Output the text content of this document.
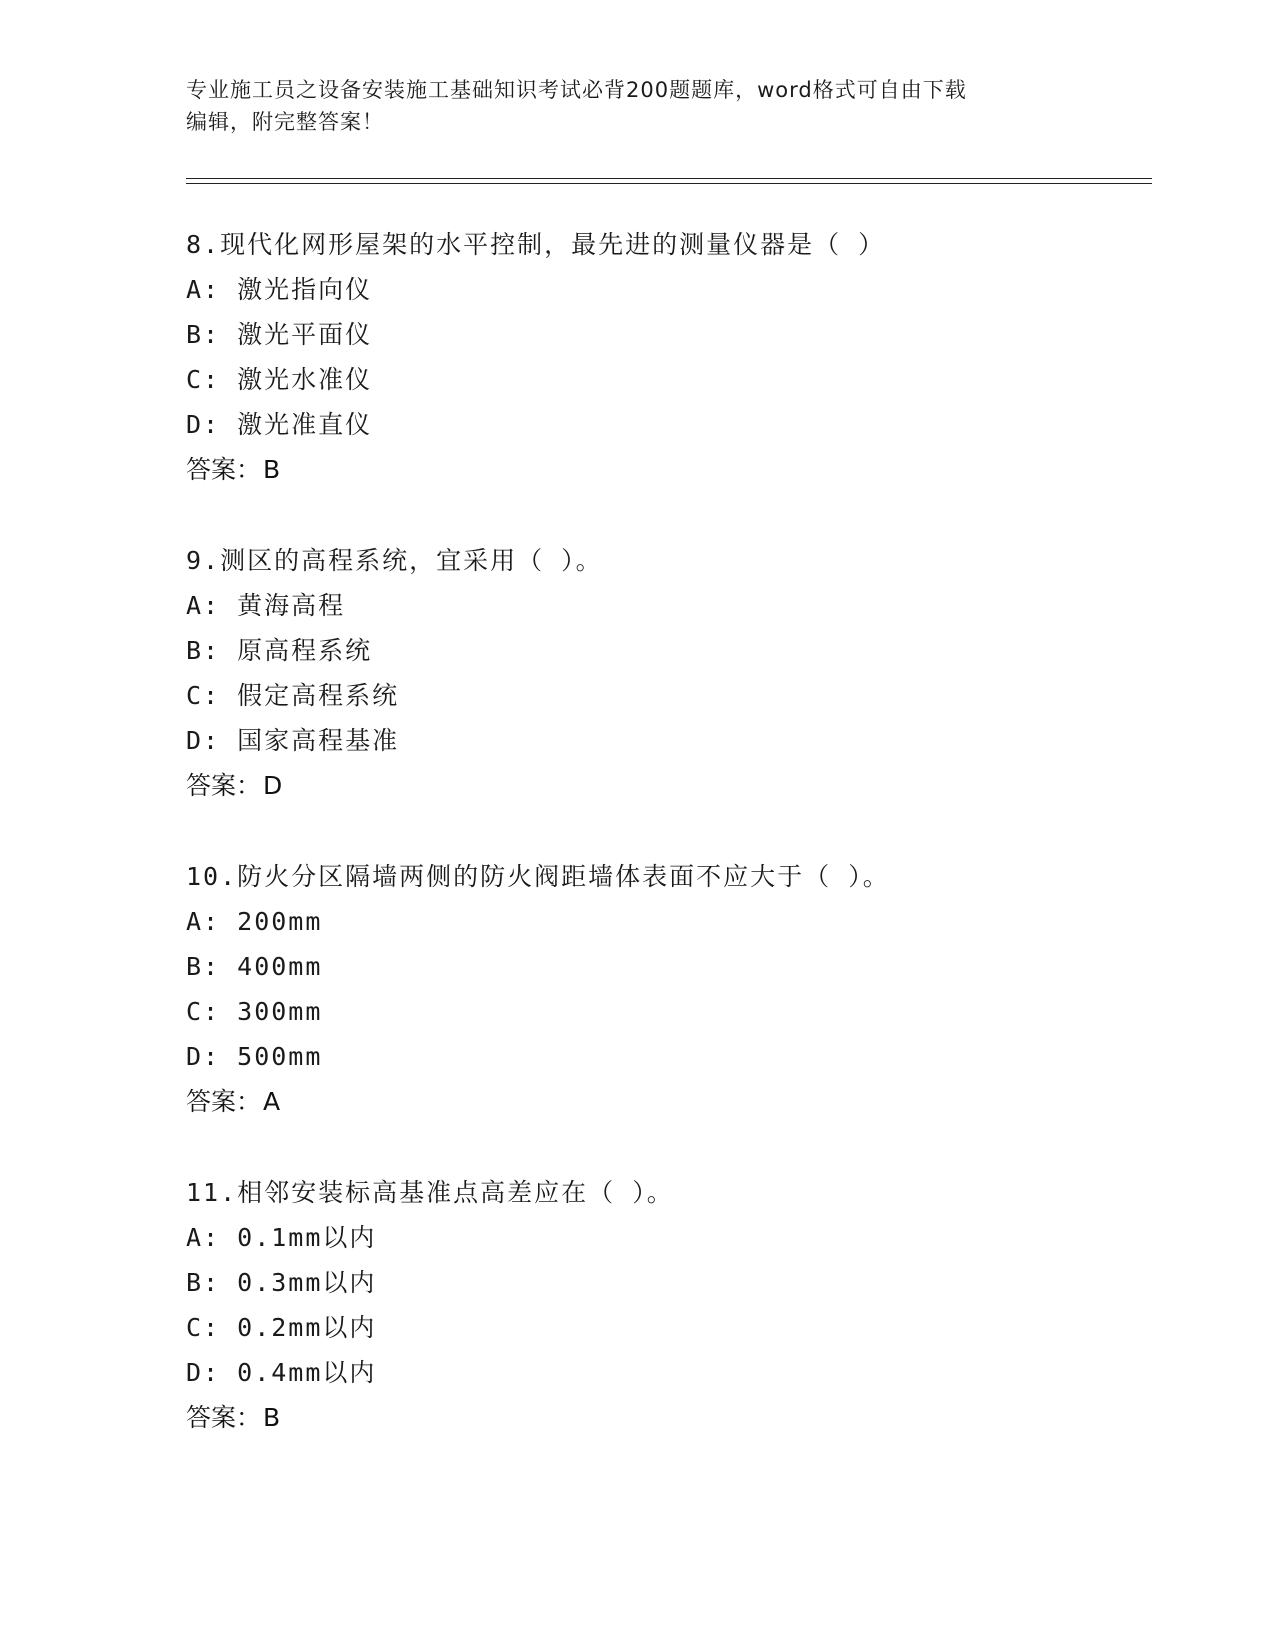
专业施工员之设备安装施工基础知识考试必背200题题库，word格式可自由下载
编辑，附完整答案！
8.现代化网形屋架的水平控制，最先进的测量仪器是（ ）
A: 激光指向仪
B: 激光平面仪
C: 激光水准仪
D: 激光准直仪
答案：B
9.测区的高程系统，宜采用（ ）。
A: 黄海高程
B: 原高程系统
C: 假定高程系统
D: 国家高程基准
答案：D
10.防火分区隔墙两侧的防火阀距墙体表面不应大于（ ）。
A: 200mm
B: 400mm
C: 300mm
D: 500mm
答案：A
11.相邻安装标高基准点高差应在（ ）。
A: 0.1mm以内
B: 0.3mm以内
C: 0.2mm以内
D: 0.4mm以内
答案：B
